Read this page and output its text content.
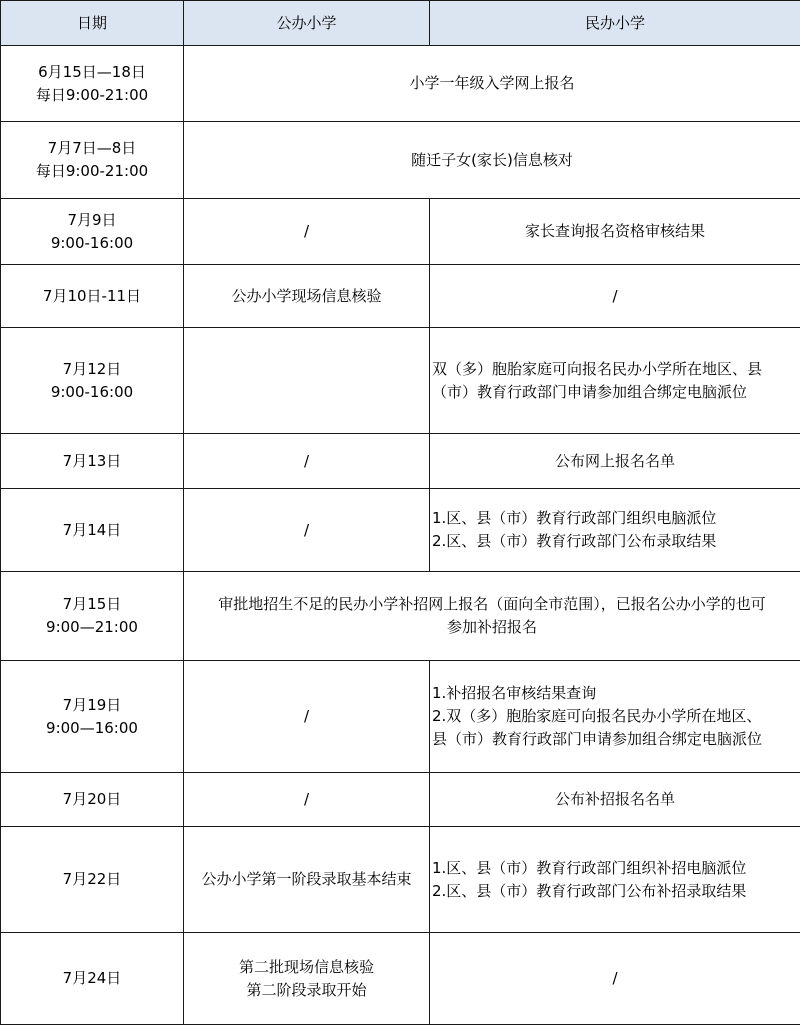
日期	公办小学	民办小学

6月15日—18日
每日9:00-21:00	小学一年级入学网上报名	

7月7日—8日
每日9:00-21:00	随迁子女(家长)信息核对	

7月9日
9:00-16:00	/	家长查询报名资格审核结果

7月10日-11日	公办小学现场信息核验	/

7月12日
9:00-16:00		双（多）胞胎家庭可向报名民办小学所在地区、县
（市）教育行政部门申请参加组合绑定电脑派位

7月13日	/	公布网上报名名单

7月14日	/	1.区、县（市）教育行政部门组织电脑派位
2.区、县（市）教育行政部门公布录取结果

7月15日
9:00—21:00	审批地招生不足的民办小学补招网上报名（面向全市范围），已报名公办小学的也可
参加补招报名	

7月19日
9:00—16:00	/	1.补招报名审核结果查询
2.双（多）胞胎家庭可向报名民办小学所在地区、
县（市）教育行政部门申请参加组合绑定电脑派位

7月20日	/	公布补招报名名单

7月22日	公办小学第一阶段录取基本结束	1.区、县（市）教育行政部门组织补招电脑派位
2.区、县（市）教育行政部门公布补招录取结果

7月24日	第二批现场信息核验
第二阶段录取开始	/
